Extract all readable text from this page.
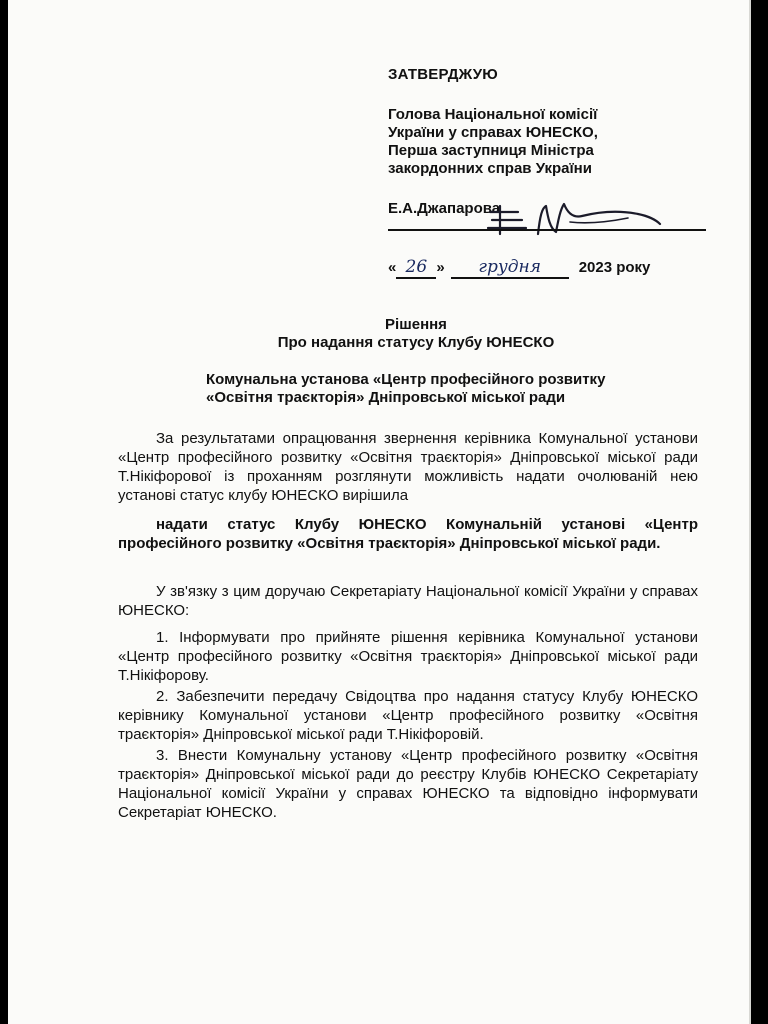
ЗАТВЕРДЖУЮ
Голова Національної комісії
України у справах ЮНЕСКО,
Перша заступниця Міністра
закордонних справ України
Е.А.Джапарова
« 26 » грудня	2023 року
Рішення
Про надання статусу Клубу ЮНЕСКО
Комунальна установа «Центр професійного розвитку «Освітня траєкторія» Дніпровської міської ради
За результатами опрацювання звернення керівника Комунальної установи «Центр професійного розвитку «Освітня траєкторія» Дніпровської міської ради Т.Нікіфорової із проханням розглянути можливість надати очолюваній нею установі статус клубу ЮНЕСКО вирішила
надати статус Клубу ЮНЕСКО Комунальній установі «Центр професійного розвитку «Освітня траєкторія» Дніпровської міської ради.
У зв'язку з цим доручаю Секретаріату Національної комісії України у справах ЮНЕСКО:
1. Інформувати про прийняте рішення керівника Комунальної установи «Центр професійного розвитку «Освітня траєкторія» Дніпровської міської ради Т.Нікіфорову.
2. Забезпечити передачу Свідоцтва про надання статусу Клубу ЮНЕСКО керівнику Комунальної установи «Центр професійного розвитку «Освітня траєкторія» Дніпровської міської ради Т.Нікіфоровій.
3. Внести Комунальну установу «Центр професійного розвитку «Освітня траєкторія» Дніпровської міської ради до реєстру Клубів ЮНЕСКО Секретаріату Національної комісії України у справах ЮНЕСКО та відповідно інформувати Секретаріат ЮНЕСКО.
